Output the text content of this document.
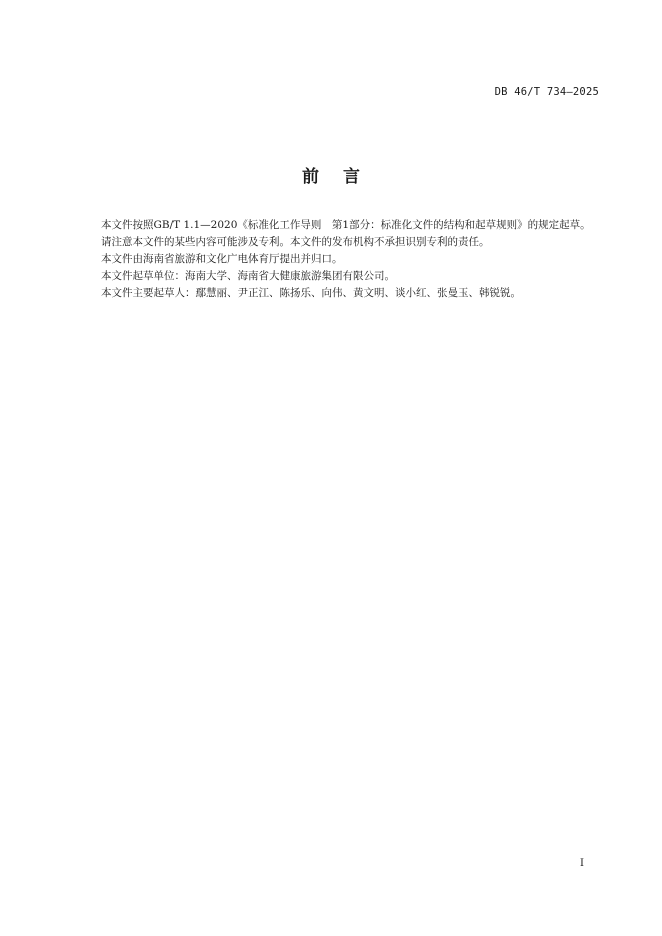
DB 46/T 734—2025
前言

本文件按照GB/T 1.1—2020《标准化工作导则　第1部分：标准化文件的结构和起草规则》的规定起草。

请注意本文件的某些内容可能涉及专利。本文件的发布机构不承担识别专利的责任。

本文件由海南省旅游和文化广电体育厅提出并归口。

本文件起草单位：海南大学、海南省大健康旅游集团有限公司。

本文件主要起草人：鄢慧丽、尹正江、陈扬乐、向伟、黄文明、谈小红、张曼玉、韩锐锐。

I
